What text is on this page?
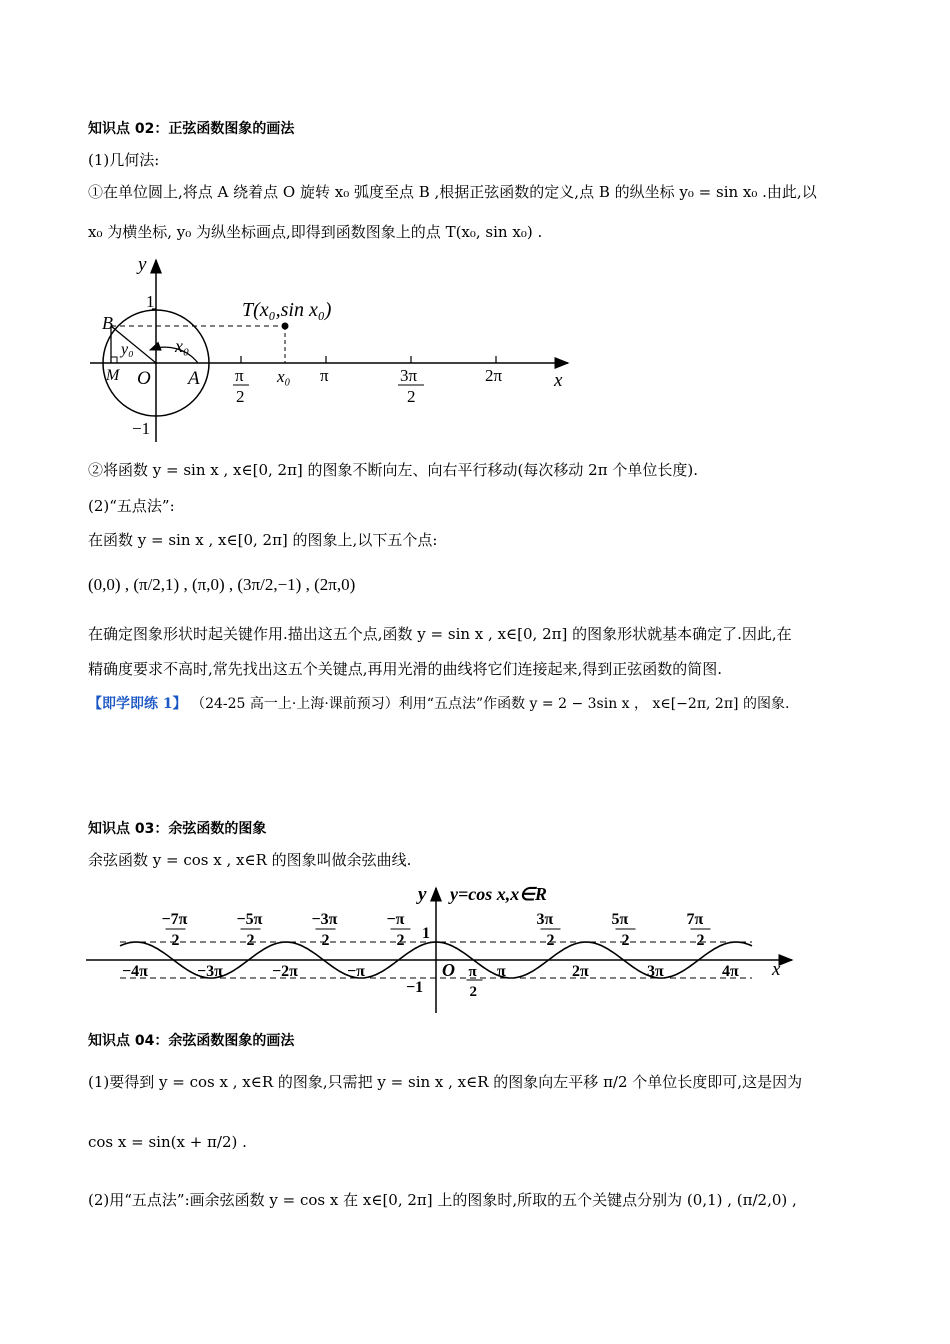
知识点 02：正弦函数图象的画法
(1)几何法:
①在单位圆上,将点 A 绕着点 O 旋转 x₀ 弧度至点 B ,根据正弦函数的定义,点 B 的纵坐标 y₀ = sin x₀ .由此,以
x₀ 为横坐标, y₀ 为纵坐标画点,即得到函数图象上的点 T(x₀, sin x₀) .
y
x
1
−1
B
y₀
M O A
x₀
T(x₀,sin x₀)
π
2
x₀ π	3π
2
2π
②将函数 y = sin x , x∈[0, 2π] 的图象不断向左、向右平行移动(每次移动 2π 个单位长度).
(2)“五点法”:
在函数 y = sin x , x∈[0, 2π] 的图象上,以下五个点:
(0,0) , (π/2,1) , (π,0) , (3π/2,−1) , (2π,0)
在确定图象形状时起关键作用.描出这五个点,函数 y = sin x , x∈[0, 2π] 的图象形状就基本确定了.因此,在
精确度要求不高时,常先找出这五个关键点,再用光滑的曲线将它们连接起来,得到正弦函数的简图.
【即学即练 1】 （24-25 高一上·上海·课前预习）利用“五点法”作函数 y = 2 − 3sin x ， x∈[−2π, 2π] 的图象.
知识点 03：余弦函数的图象
余弦函数 y = cos x , x∈R 的图象叫做余弦曲线.
y y=cos x,x∈R
x
1
−1
O
−7π
2
−5π
2
−3π
2
−π
2
3π
2
5π
2
7π
2
−4π	−3π	−2π	−π	π
2
π	2π	3π	4π
知识点 04：余弦函数图象的画法
(1)要得到 y = cos x , x∈R 的图象,只需把 y = sin x , x∈R 的图象向左平移 π/2 个单位长度即可,这是因为
cos x = sin(x + π/2) .
(2)用“五点法”:画余弦函数 y = cos x 在 x∈[0, 2π] 上的图象时,所取的五个关键点分别为 (0,1) , (π/2,0) ,
